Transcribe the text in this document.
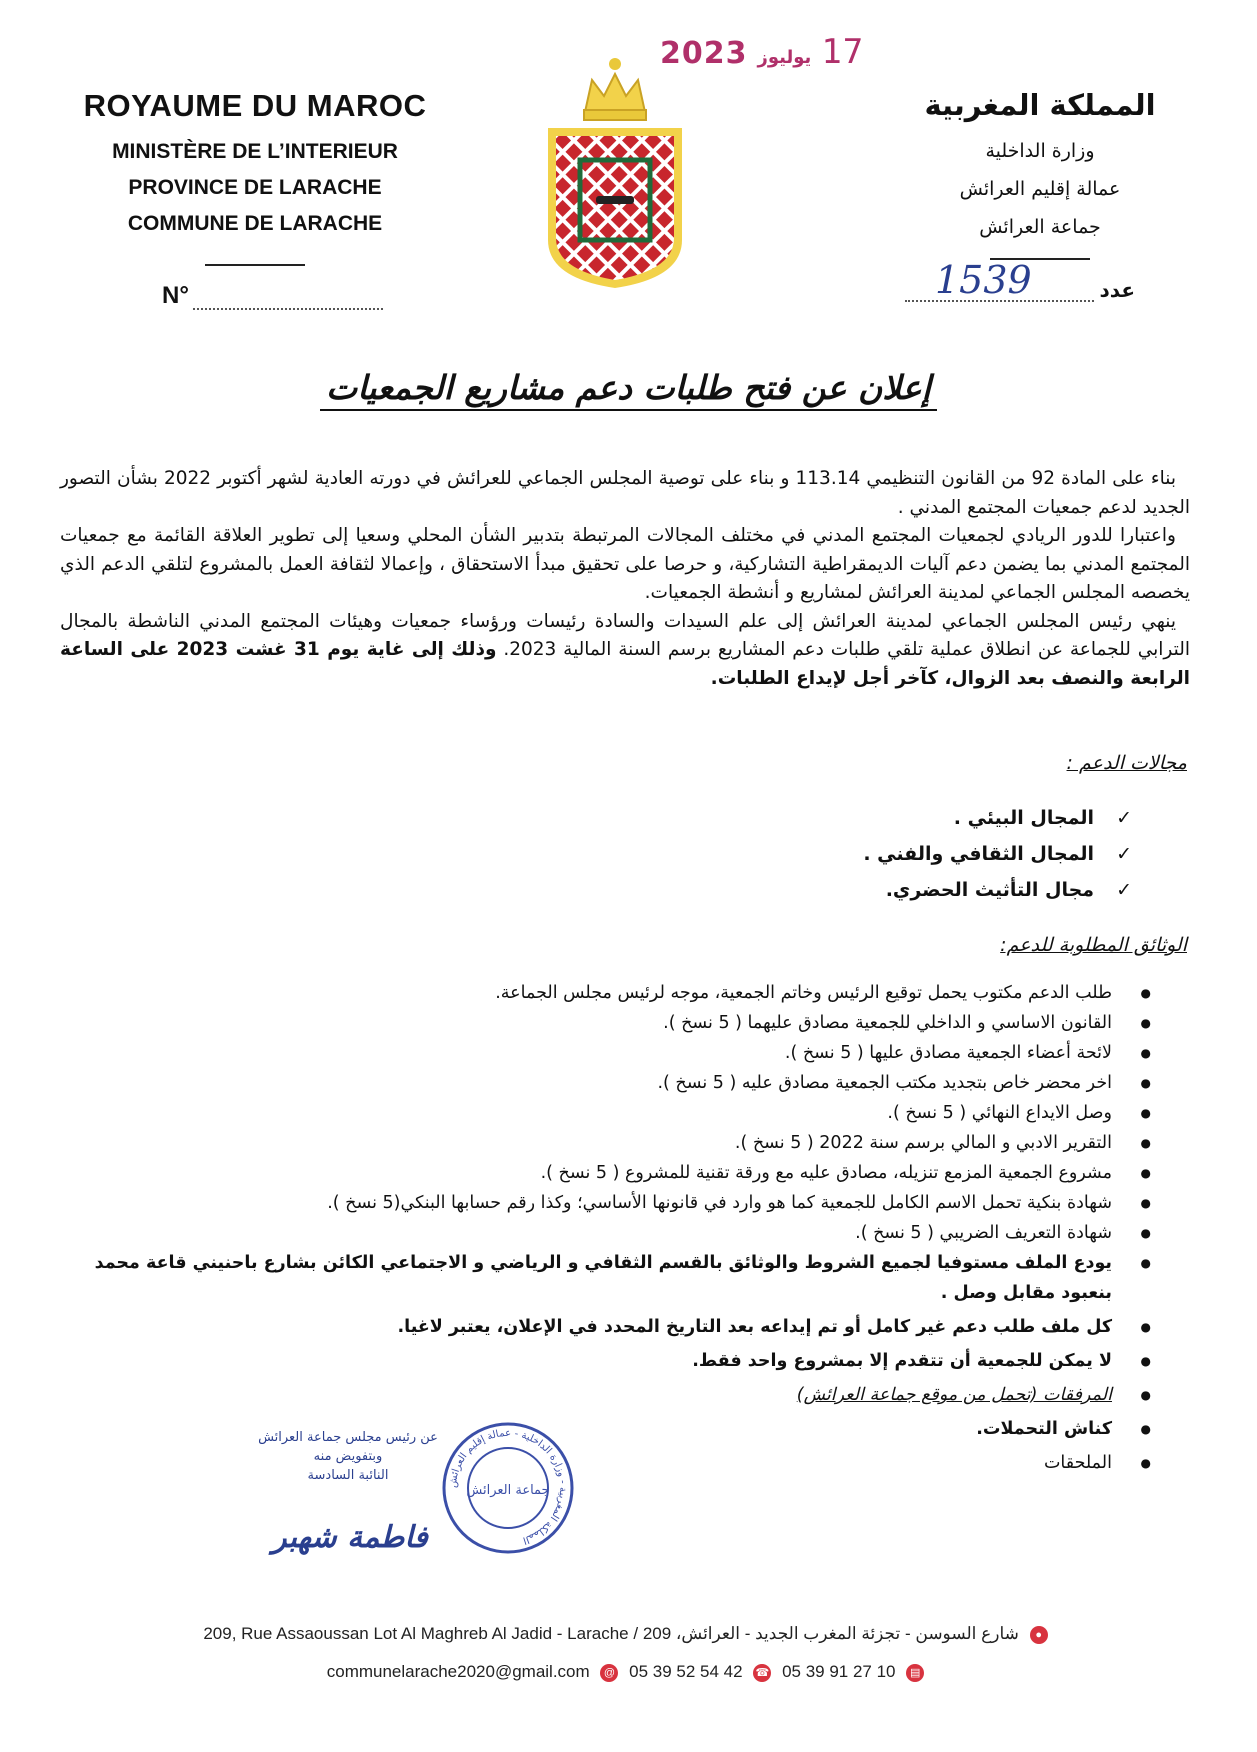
2023 يوليوز 17
ROYAUME DU MAROC
MINISTÈRE DE L’INTERIEUR
PROVINCE DE LARACHE
COMMUNE DE LARACHE
N°
المملكة المغربية
وزارة الداخلية
عمالة إقليم العرائش
جماعة العرائش
عدد
1539
إعلان عن فتح طلبات دعم مشاريع الجمعيات

بناء على المادة 92 من القانون التنظيمي 113.14 و بناء على توصية المجلس الجماعي للعرائش في دورته العادية لشهر أكتوبر 2022 بشأن التصور الجديد لدعم جمعيات المجتمع المدني .

واعتبارا للدور الريادي لجمعيات المجتمع المدني في مختلف المجالات المرتبطة بتدبير الشأن المحلي وسعيا إلى تطوير العلاقة القائمة مع جمعيات المجتمع المدني بما يضمن دعم آليات الديمقراطية التشاركية، و حرصا على تحقيق مبدأ الاستحقاق ، وإعمالا لثقافة العمل بالمشروع لتلقي الدعم الذي يخصصه المجلس الجماعي لمدينة العرائش لمشاريع و أنشطة الجمعيات.

ينهي رئيس المجلس الجماعي لمدينة العرائش إلى علم السيدات والسادة رئيسات ورؤساء جمعيات وهيئات المجتمع المدني الناشطة بالمجال الترابي للجماعة عن انطلاق عملية تلقي طلبات دعم المشاريع برسم السنة المالية 2023. وذلك إلى غاية يوم 31 غشت 2023 على الساعة الرابعة والنصف بعد الزوال، كآخر أجل لإيداع الطلبات.

مجالات الدعم :
✓ المجال البيئي .
✓ المجال الثقافي والفني .
✓ مجال التأثيث الحضري.
الوثائق المطلوبة للدعم:
● طلب الدعم مكتوب يحمل توقيع الرئيس وخاتم الجمعية، موجه لرئيس مجلس الجماعة.
● القانون الاساسي و الداخلي للجمعية مصادق عليهما ( 5 نسخ ).
● لائحة أعضاء الجمعية مصادق عليها ( 5 نسخ ).
● اخر محضر خاص بتجديد مكتب الجمعية مصادق عليه ( 5 نسخ ).
● وصل الايداع النهائي ( 5 نسخ ).
● التقرير الادبي و المالي برسم سنة 2022 ( 5 نسخ ).
● مشروع الجمعية المزمع تنزيله، مصادق عليه مع ورقة تقنية للمشروع ( 5 نسخ ).
● شهادة بنكية تحمل الاسم الكامل للجمعية كما هو وارد في قانونها الأساسي؛ وكذا رقم حسابها البنكي(5 نسخ ).
● شهادة التعريف الضريبي ( 5 نسخ ).
● يودع الملف مستوفيا لجميع الشروط والوثائق بالقسم الثقافي و الرياضي و الاجتماعي الكائن بشارع باحنيني قاعة محمد بنعبود مقابل وصل .
● كل ملف طلب دعم غير كامل أو تم إيداعه بعد التاريخ المحدد في الإعلان، يعتبر لاغيا.
● لا يمكن للجمعية أن تتقدم إلا بمشروع واحد فقط.
● المرفقات (تحمل من موقع جماعة العرائش)
● كناش التحملات.
● الملحقات
عن رئيس مجلس جماعة العرائش
وبتفويض منه
النائبة السادسة
فاطمة شهبر
جماعة العرائش
المملكة المغربية - وزارة الداخلية - عمالة إقليم العرائش
209, Rue Assaoussan Lot Al Maghreb Al Jadid - Larache / شارع السوسن - تجزئة المغرب الجديد - العرائش، 209 ●
communelarache2020@gmail.com @ 05 39 52 54 42 ☎ 05 39 91 27 10 ▤
